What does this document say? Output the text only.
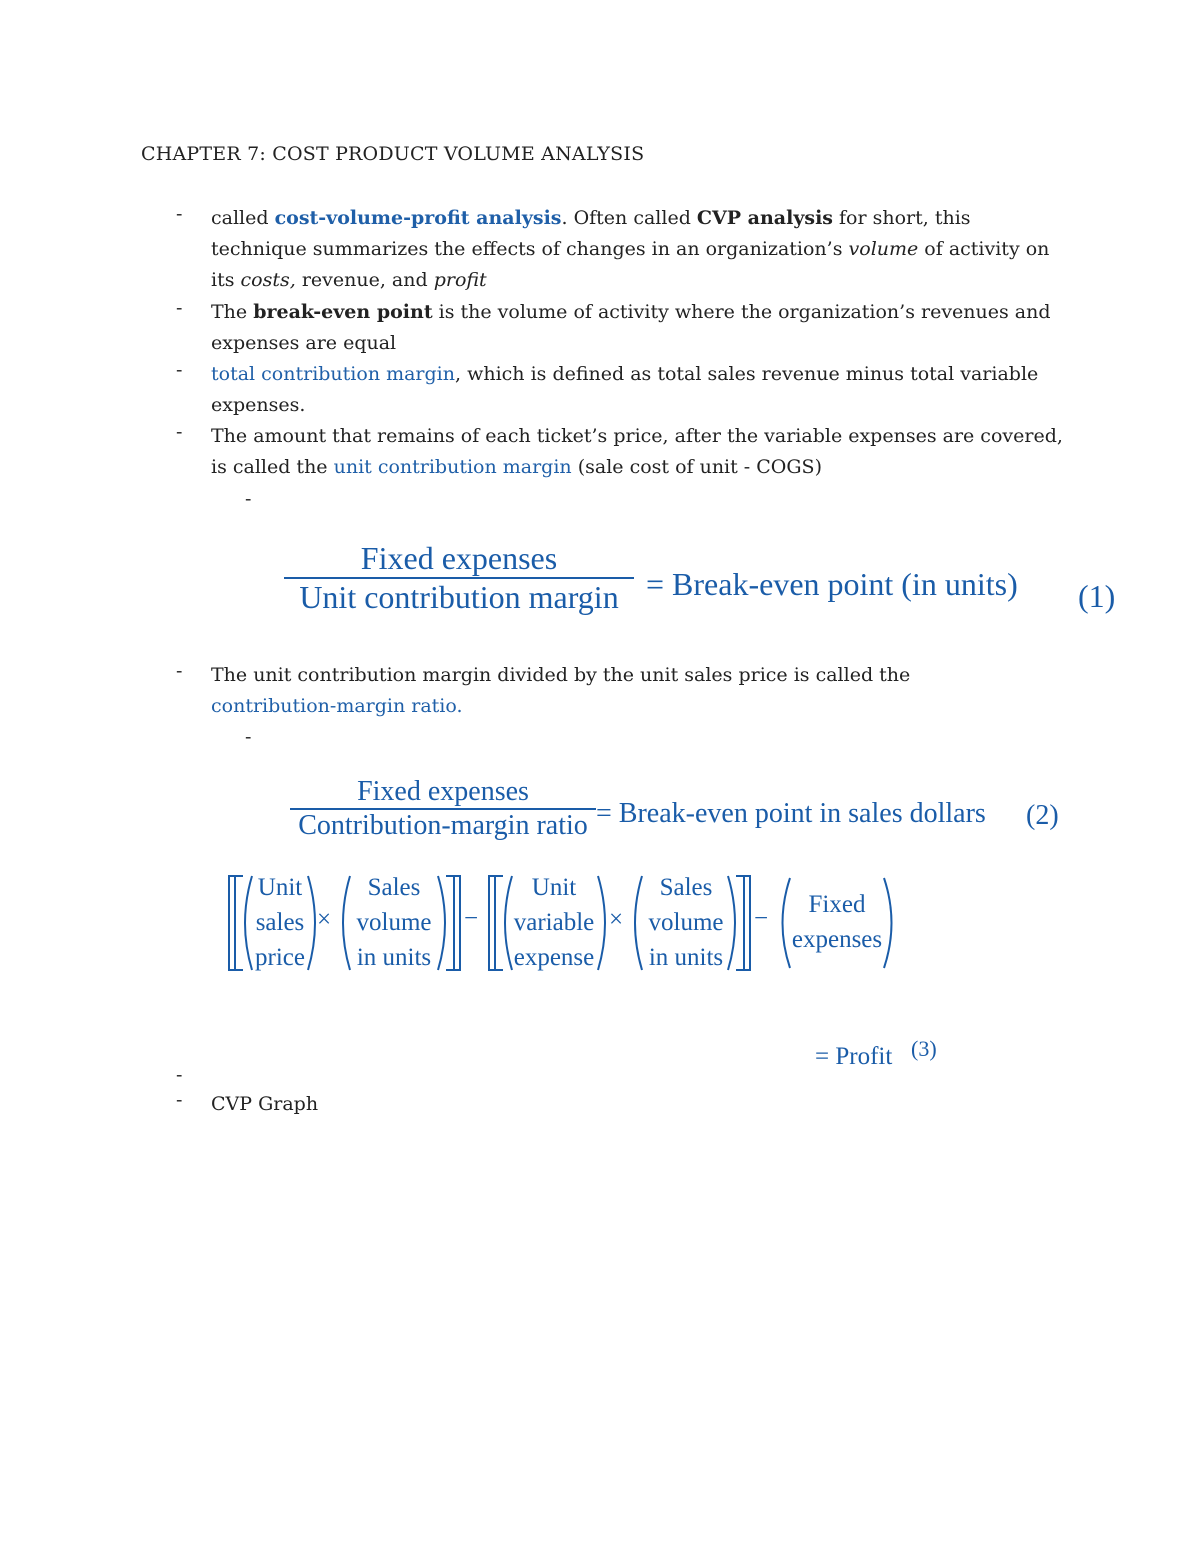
CHAPTER 7: COST PRODUCT VOLUME ANALYSIS
- called cost-volume-profit analysis. Often called CVP analysis for short, this technique summarizes the effects of changes in an organization’s volume of activity on its costs, revenue, and profit
- The break-even point is the volume of activity where the organization’s revenues and expenses are equal
- total contribution margin, which is defined as total sales revenue minus total variable expenses.
- The amount that remains of each ticket’s price, after the variable expenses are covered, is called the unit contribution margin (sale cost of unit - COGS)
-
Fixed expenses
Unit contribution margin = Break-even point (in units) (1)
- The unit contribution margin divided by the unit sales price is called the contribution-margin ratio.
-
Fixed expenses
Contribution-margin ratio = Break-even point in sales dollars (2)
Unit
sales
price
×
Sales
volume
in units
−
Unit
variable
expense
×
Sales
volume
in units
−
Fixed
expenses
= Profit (3)
-
- CVP Graph
